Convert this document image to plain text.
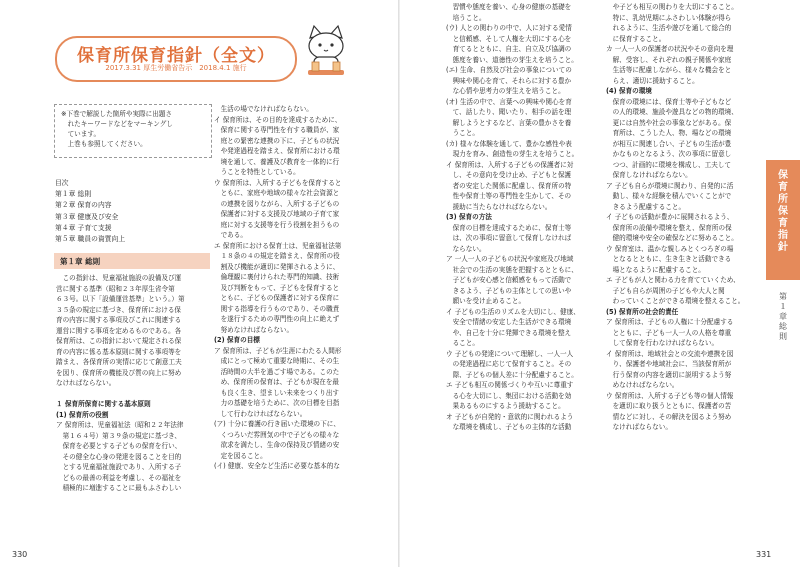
保育所保育指針（全文）
2017.3.31 厚生労働省告示　2018.4.1 施行
※下巻で解説した箇所や実際に出題さ
　れたキーワードなどをマーキングし
　ています。
　上巻も参照してください。
目次
第１章 総則
第２章 保育の内容
第３章 健康及び安全
第４章 子育て支援
第５章 職員の資質向上
第１章 総則
　この指針は、児童福祉施設の設備及び運
営に関する基準（昭和２３年厚生省令第
６３号。以下「設備運営基準」という。）第
３５条の規定に基づき、保育所における保
育の内容に関する事項及びこれに関連する
運営に関する事項を定めるものである。各
保育所は、この指針において規定される保
育の内容に係る基本原則に関する事項等を
踏まえ、各保育所の実情に応じて創意工夫
を図り、保育所の機能及び質の向上に努め
なければならない。
１ 保育所保育に関する基本原則
(1) 保育所の役割
ア 保育所は、児童福祉法（昭和２２年法律
　第１６４号）第３９条の規定に基づき、
　保育を必要とする子どもの保育を行い、
　その健全な心身の発達を図ることを目的
　とする児童福祉施設であり、入所する子
　どもの最善の利益を考慮し、その福祉を
　積極的に増進することに最もふさわしい
　生活の場でなければならない。
イ 保育所は、その目的を達成するために、
　保育に関する専門性を有する職員が、家
　庭との緊密な連携の下に、子どもの状況
　や発達過程を踏まえ、保育所における環
　境を通して、養護及び教育を一体的に行
　うことを特性としている。
ウ 保育所は、入所する子どもを保育すると
　ともに、家庭や地域の様々な社会資源と
　の連携を図りながら、入所する子どもの
　保護者に対する支援及び地域の子育て家
　庭に対する支援等を行う役割を担うもの
　である。
エ 保育所における保育士は、児童福祉法第
　１８条の４の規定を踏まえ、保育所の役
　割及び機能が適切に発揮されるように、
　倫理観に裏付けられた専門的知識、技術
　及び判断をもって、子どもを保育すると
　ともに、子どもの保護者に対する保育に
　関する指導を行うものであり、その職責
　を遂行するための専門性の向上に絶えず
　努めなければならない。
(2) 保育の目標
ア 保育所は、子どもが生涯にわたる人間形
　成にとって極めて重要な時期に、その生
　活時間の大半を過ごす場である。このた
　め、保育所の保育は、子どもが現在を最
　も良く生き、望ましい未来をつくり出す
　力の基礎を培うために、次の目標を目指
　して行わなければならない。
(ア) 十分に養護の行き届いた環境の下に、
　くつろいだ雰囲気の中で子どもの様々な
　欲求を満たし、生命の保持及び情緒の安
　定を図ること。
(イ) 健康、安全など生活に必要な基本的な
330
　習慣や態度を養い、心身の健康の基礎を
　培うこと。
(ウ) 人との関わりの中で、人に対する愛情
　と信頼感、そして人権を大切にする心を
　育てるとともに、自主、自立及び協調の
　態度を養い、道徳性の芽生えを培うこと。
(エ) 生命、自然及び社会の事象についての
　興味や関心を育て、それらに対する豊か
　な心情や思考力の芽生えを培うこと。
(オ) 生活の中で、言葉への興味や関心を育
　て、話したり、聞いたり、相手の話を理
　解しようとするなど、言葉の豊かさを養
　うこと。
(カ) 様々な体験を通して、豊かな感性や表
　現力を育み、創造性の芽生えを培うこと。
イ 保育所は、入所する子どもの保護者に対
　し、その意向を受け止め、子どもと保護
　者の安定した関係に配慮し、保育所の特
　性や保育士等の専門性を生かして、その
　援助に当たらなければならない。
(3) 保育の方法
　保育の目標を達成するために、保育士等
　は、次の事項に留意して保育しなければ
　ならない。
ア 一人一人の子どもの状況や家庭及び地域
　社会での生活の実態を把握するとともに、
　子どもが安心感と信頼感をもって活動で
　きるよう、子どもの主体としての思いや
　願いを受け止めること。
イ 子どもの生活のリズムを大切にし、健康、
　安全で情緒の安定した生活ができる環境
　や、自己を十分に発揮できる環境を整え
　ること。
ウ 子どもの発達について理解し、一人一人
　の発達過程に応じて保育すること。その
　際、子どもの個人差に十分配慮すること。
エ 子ども相互の関係づくりや互いに尊重す
　る心を大切にし、集団における活動を効
　果あるものにするよう援助すること。
オ 子どもが自発的・意欲的に関われるよう
　な環境を構成し、子どもの主体的な活動
　や子ども相互の関わりを大切にすること。
　特に、乳幼児期にふさわしい体験が得ら
　れるように、生活や遊びを通して総合的
　に保育すること。
カ 一人一人の保護者の状況やその意向を理
　解、受容し、それぞれの親子関係や家庭
　生活等に配慮しながら、様々な機会をと
　らえ、適切に援助すること。
(4) 保育の環境
　保育の環境には、保育士等や子どもなど
　の人的環境、施設や遊具などの物的環境、
　更には自然や社会の事象などがある。保
　育所は、こうした人、物、場などの環境
　が相互に関連し合い、子どもの生活が豊
　かなものとなるよう、次の事項に留意し
　つつ、計画的に環境を構成し、工夫して
　保育しなければならない。
ア 子ども自らが環境に関わり、自発的に活
　動し、様々な経験を積んでいくことがで
　きるよう配慮すること。
イ 子どもの活動が豊かに展開されるよう、
　保育所の設備や環境を整え、保育所の保
　健的環境や安全の確保などに努めること。
ウ 保育室は、温かな親しみとくつろぎの場
　となるとともに、生き生きと活動できる
　場となるように配慮すること。
エ 子どもが人と関わる力を育てていくため、
　子ども自らが周囲の子どもや大人と関
　わっていくことができる環境を整えること。
(5) 保育所の社会的責任
ア 保育所は、子どもの人権に十分配慮する
　とともに、子ども一人一人の人格を尊重
　して保育を行わなければならない。
イ 保育所は、地域社会との交流や連携を図
　り、保護者や地域社会に、当該保育所が
　行う保育の内容を適切に説明するよう努
　めなければならない。
ウ 保育所は、入所する子ども等の個人情報
　を適切に取り扱うとともに、保護者の苦
　情などに対し、その解決を図るよう努め
　なければならない。
331
保育所保育指針
第１章 総則
